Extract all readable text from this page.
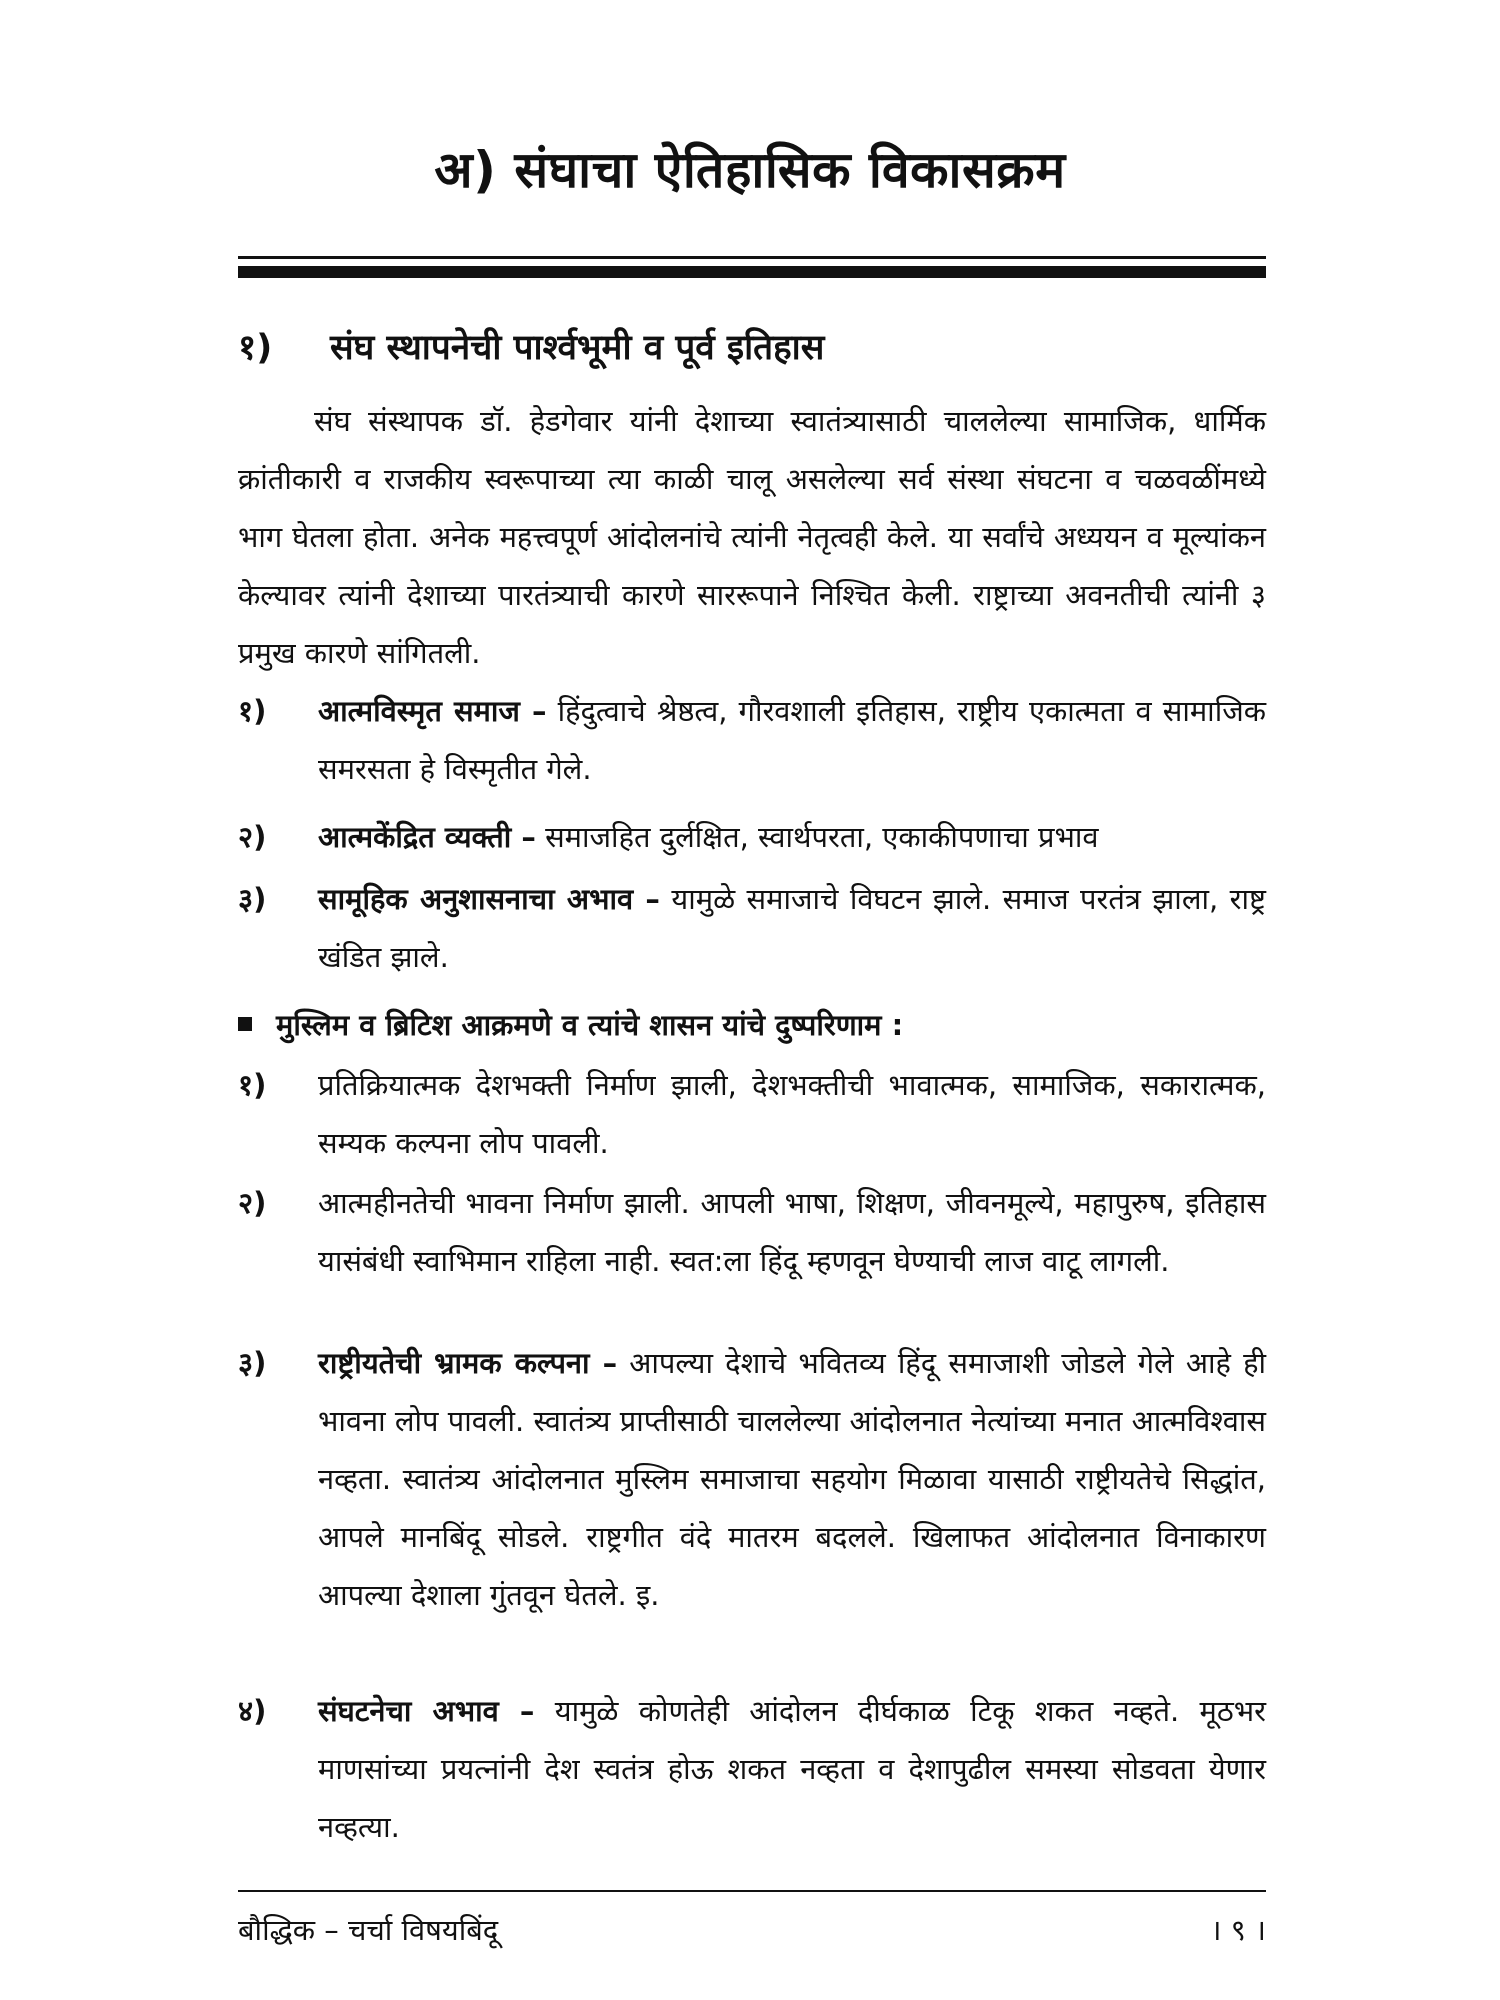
अ) संघाचा ऐतिहासिक विकासक्रम
१) संघ स्थापनेची पार्श्वभूमी व पूर्व इतिहास
संघ संस्थापक डॉ. हेडगेवार यांनी देशाच्या स्वातंत्र्यासाठी चाललेल्या सामाजिक, धार्मिक क्रांतीकारी व राजकीय स्वरूपाच्या त्या काळी चालू असलेल्या सर्व संस्था संघटना व चळवळींमध्ये भाग घेतला होता. अनेक महत्त्वपूर्ण आंदोलनांचे त्यांनी नेतृत्वही केले. या सर्वांचे अध्ययन व मूल्यांकन केल्यावर त्यांनी देशाच्या पारतंत्र्याची कारणे साररूपाने निश्चित केली. राष्ट्राच्या अवनतीची त्यांनी ३ प्रमुख कारणे सांगितली.
१)	आत्मविस्मृत समाज – हिंदुत्वाचे श्रेष्ठत्व, गौरवशाली इतिहास, राष्ट्रीय एकात्मता व सामाजिक समरसता हे विस्मृतीत गेले.
२)	आत्मकेंद्रित व्यक्ती – समाजहित दुर्लक्षित, स्वार्थपरता, एकाकीपणाचा प्रभाव
३)	सामूहिक अनुशासनाचा अभाव – यामुळे समाजाचे विघटन झाले. समाज परतंत्र झाला, राष्ट्र खंडित झाले.
मुस्लिम व ब्रिटिश आक्रमणे व त्यांचे शासन यांचे दुष्परिणाम :
१)	प्रतिक्रियात्मक देशभक्ती निर्माण झाली, देशभक्तीची भावात्मक, सामाजिक, सकारात्मक, सम्यक कल्पना लोप पावली.
२)	आत्महीनतेची भावना निर्माण झाली. आपली भाषा, शिक्षण, जीवनमूल्ये, महापुरुष, इतिहास यासंबंधी स्वाभिमान राहिला नाही. स्वत:ला हिंदू म्हणवून घेण्याची लाज वाटू लागली.
३)	राष्ट्रीयतेची भ्रामक कल्पना – आपल्या देशाचे भवितव्य हिंदू समाजाशी जोडले गेले आहे ही भावना लोप पावली. स्वातंत्र्य प्राप्तीसाठी चाललेल्या आंदोलनात नेत्यांच्या मनात आत्मविश्वास नव्हता. स्वातंत्र्य आंदोलनात मुस्लिम समाजाचा सहयोग मिळावा यासाठी राष्ट्रीयतेचे सिद्धांत, आपले मानबिंदू सोडले. राष्ट्रगीत वंदे मातरम बदलले. खिलाफत आंदोलनात विनाकारण आपल्या देशाला गुंतवून घेतले. इ.
४)	संघटनेचा अभाव – यामुळे कोणतेही आंदोलन दीर्घकाळ टिकू शकत नव्हते. मूठभर माणसांच्या प्रयत्नांनी देश स्वतंत्र होऊ शकत नव्हता व देशापुढील समस्या सोडवता येणार नव्हत्या.
बौद्धिक – चर्चा विषयबिंदू	। ९ ।
